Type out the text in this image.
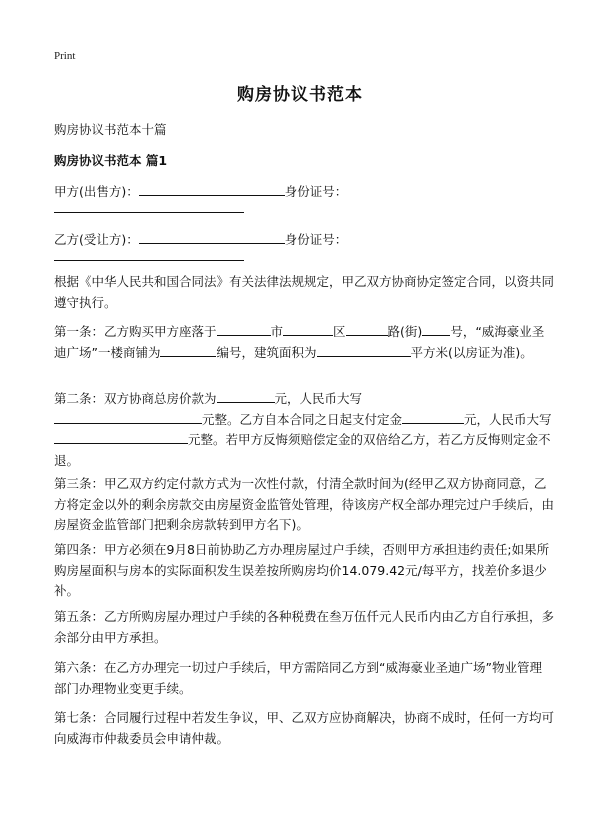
Print
购房协议书范本
购房协议书范本十篇
购房协议书范本 篇1
甲方(出售方)：	身份证号：
乙方(受让方)：	身份证号：
根据《中华人民共和国合同法》有关法律法规规定，甲乙双方协商协定签定合同，以资共同遵守执行。
第一条：乙方购买甲方座落于	市	区	路(街) 号，“威海豪业圣迪广场”一楼商铺为	编号，建筑面积为	平方米(以房证为准)。
第二条：双方协商总房价款为	元，人民币大写
元整。乙方自本合同之日起支付定金	元，人民币大写元整。若甲方反悔须赔偿定金的双倍给乙方，若乙方反悔则定金不退。
第三条：甲乙双方约定付款方式为一次性付款，付清全款时间为(经甲乙双方协商同意，乙方将定金以外的剩余房款交由房屋资金监管处管理，待该房产权全部办理完过户手续后，由房屋资金监管部门把剩余房款转到甲方名下)。
第四条：甲方必须在9月8日前协助乙方办理房屋过户手续，否则甲方承担违约责任;如果所购房屋面积与房本的实际面积发生误差按所购房均价14.079.42元/每平方，找差价多退少补。
第五条：乙方所购房屋办理过户手续的各种税费在叁万伍仟元人民币内由乙方自行承担，多余部分由甲方承担。
第六条：在乙方办理完一切过户手续后，甲方需陪同乙方到“威海豪业圣迪广场”物业管理部门办理物业变更手续。
第七条：合同履行过程中若发生争议，甲、乙双方应协商解决，协商不成时，任何一方均可向威海市仲裁委员会申请仲裁。
